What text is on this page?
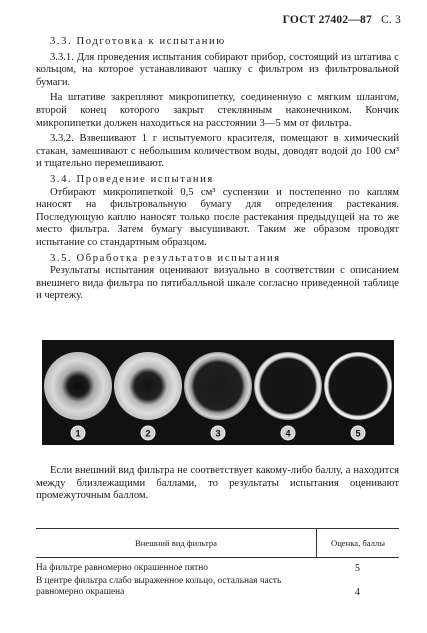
ГОСТ 27402—87 С. 3

3.3. Подготовка к испытанию

3.3.1. Для проведения испытания собирают прибор, состоящий из штатива с кольцом, на которое устанавливают чашку с фильтром из фильтровальной бумаги.

На штативе закрепляют микропипетку, соединенную с мягким шлангом, второй конец которого закрыт стеклянным наконечником. Кончик микропипетки должен находиться на расстоянии 3—5 мм от фильтра.

3.3.2. Взвешивают 1 г испытуемого красителя, помещают в химический стакан, замешивают с небольшим количеством воды, доводят водой до 100 см³ и тщательно перемешивают.

3.4. Проведение испытания

Отбирают микропипеткой 0,5 см³ суспензии и постепенно по каплям наносят на фильтровальную бумагу для определения растекания. Последующую каплю наносят только после растекания предыдущей на то же место фильтра. Затем бумагу высушивают. Таким же образом проводят испытание со стандартным образцом.

3.5. Обработка результатов испытания

Результаты испытания оценивают визуально в соответствии с описанием внешнего вида фильтра по пятибалльной шкале согласно приведенной таблице и чертежу.

1	2	3	4	5

Если внешний вид фильтра не соответствует какому-либо баллу, а находится между близлежащими баллами, то результаты испытания оценивают промежуточным баллом.

Внешний вид фильтра	Оценка, баллы
На фильтре равномерно окрашенное пятно	5
В центре фильтра слабо выраженное кольцо, остальная часть равномерно окрашена	4
